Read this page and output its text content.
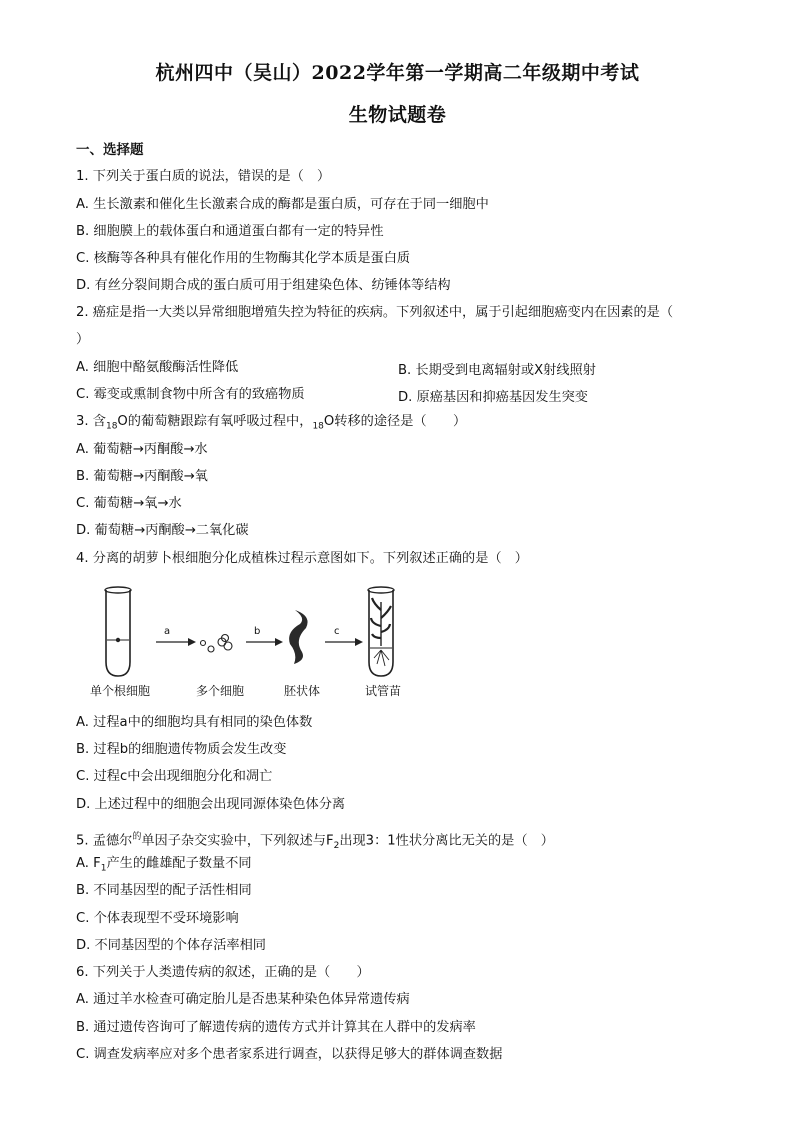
杭州四中（吴山）2022学年第一学期高二年级期中考试
生物试题卷
一、选择题
1. 下列关于蛋白质的说法，错误的是（　）
A. 生长激素和催化生长激素合成的酶都是蛋白质，可存在于同一细胞中
B. 细胞膜上的载体蛋白和通道蛋白都有一定的特异性
C. 核酶等各种具有催化作用的生物酶其化学本质是蛋白质
D. 有丝分裂间期合成的蛋白质可用于组建染色体、纺锤体等结构
2. 癌症是指一大类以异常细胞增殖失控为特征的疾病。下列叙述中，属于引起细胞癌变内在因素的是（
）
A. 细胞中酪氨酸酶活性降低	B. 长期受到电离辐射或X射线照射
C. 霉变或熏制食物中所含有的致癌物质	D. 原癌基因和抑癌基因发生突变
3. 含$_{18}$O的葡萄糖跟踪有氧呼吸过程中，$_{18}$O转移的途径是（　　）
A. 葡萄糖→丙酮酸→水
B. 葡萄糖→丙酮酸→氧
C. 葡萄糖→氧→水
D. 葡萄糖→丙酮酸→二氧化碳
4. 分离的胡萝卜根细胞分化成植株过程示意图如下。下列叙述正确的是（　）
单个根细胞	多个细胞	胚状体	试管苗
a	b	c
A. 过程a中的细胞均具有相同的染色体数
B. 过程b的细胞遗传物质会发生改变
C. 过程c中会出现细胞分化和凋亡
D. 上述过程中的细胞会出现同源体染色体分离
5. 孟德尔$^的$单因子杂交实验中，下列叙述与$F_2$出现3：1性状分离比无关的是（　）
A. $F_1$产生的雌雄配子数量不同
B. 不同基因型的配子活性相同
C. 个体表现型不受环境影响
D. 不同基因型的个体存活率相同
6. 下列关于人类遗传病的叙述，正确的是（　　）
A. 通过羊水检查可确定胎儿是否患某种染色体异常遗传病
B. 通过遗传咨询可了解遗传病的遗传方式并计算其在人群中的发病率
C. 调查发病率应对多个患者家系进行调查，以获得足够大的群体调查数据
